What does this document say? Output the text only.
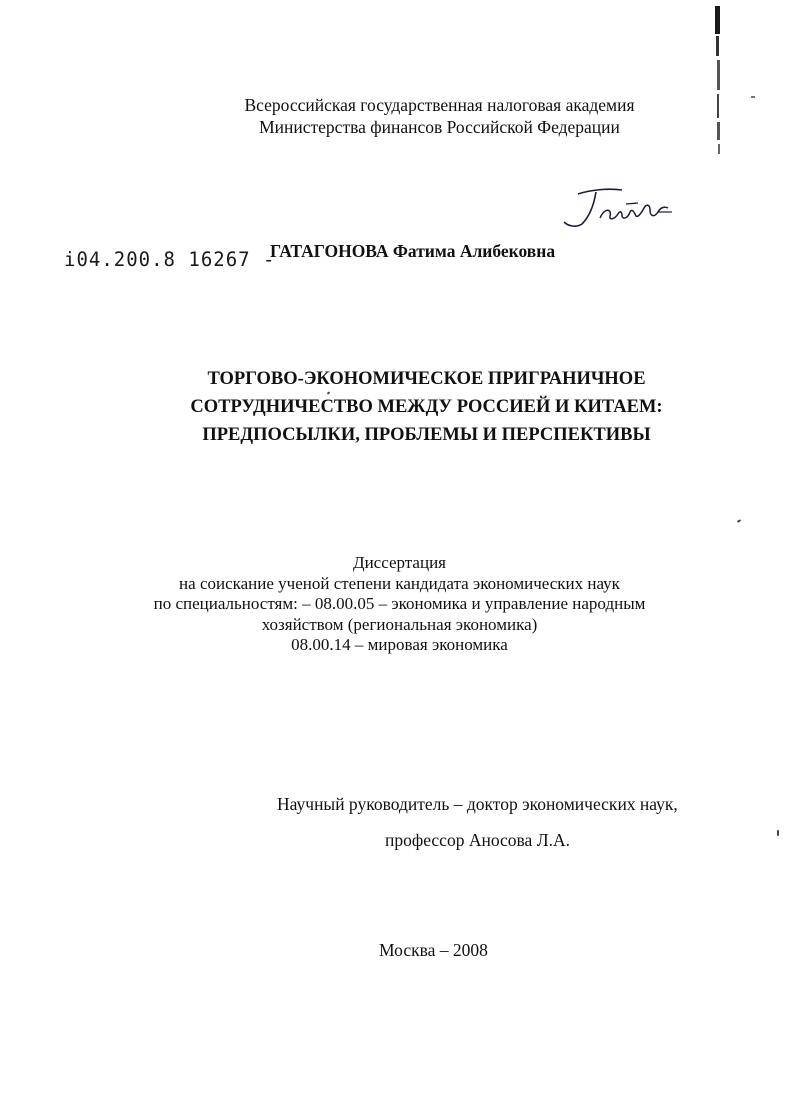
Всероссийская государственная налоговая академия
Министерства финансов Российской Федерации
i04.200.8 16267 -
ГАТАГОНОВА Фатима Алибековна
ТОРГОВО-ЭКОНОМИЧЕСКОЕ ПРИГРАНИЧНОЕ
СОТРУДНИЧЕСТВО МЕЖДУ РОССИЕЙ И КИТАЕМ:
ПРЕДПОСЫЛКИ, ПРОБЛЕМЫ И ПЕРСПЕКТИВЫ
Диссертация
на соискание ученой степени кандидата экономических наук
по специальностям: – 08.00.05 – экономика и управление народным
хозяйством (региональная экономика)
08.00.14 – мировая экономика
Научный руководитель – доктор экономических наук,
профессор Аносова Л.А.
Москва – 2008
